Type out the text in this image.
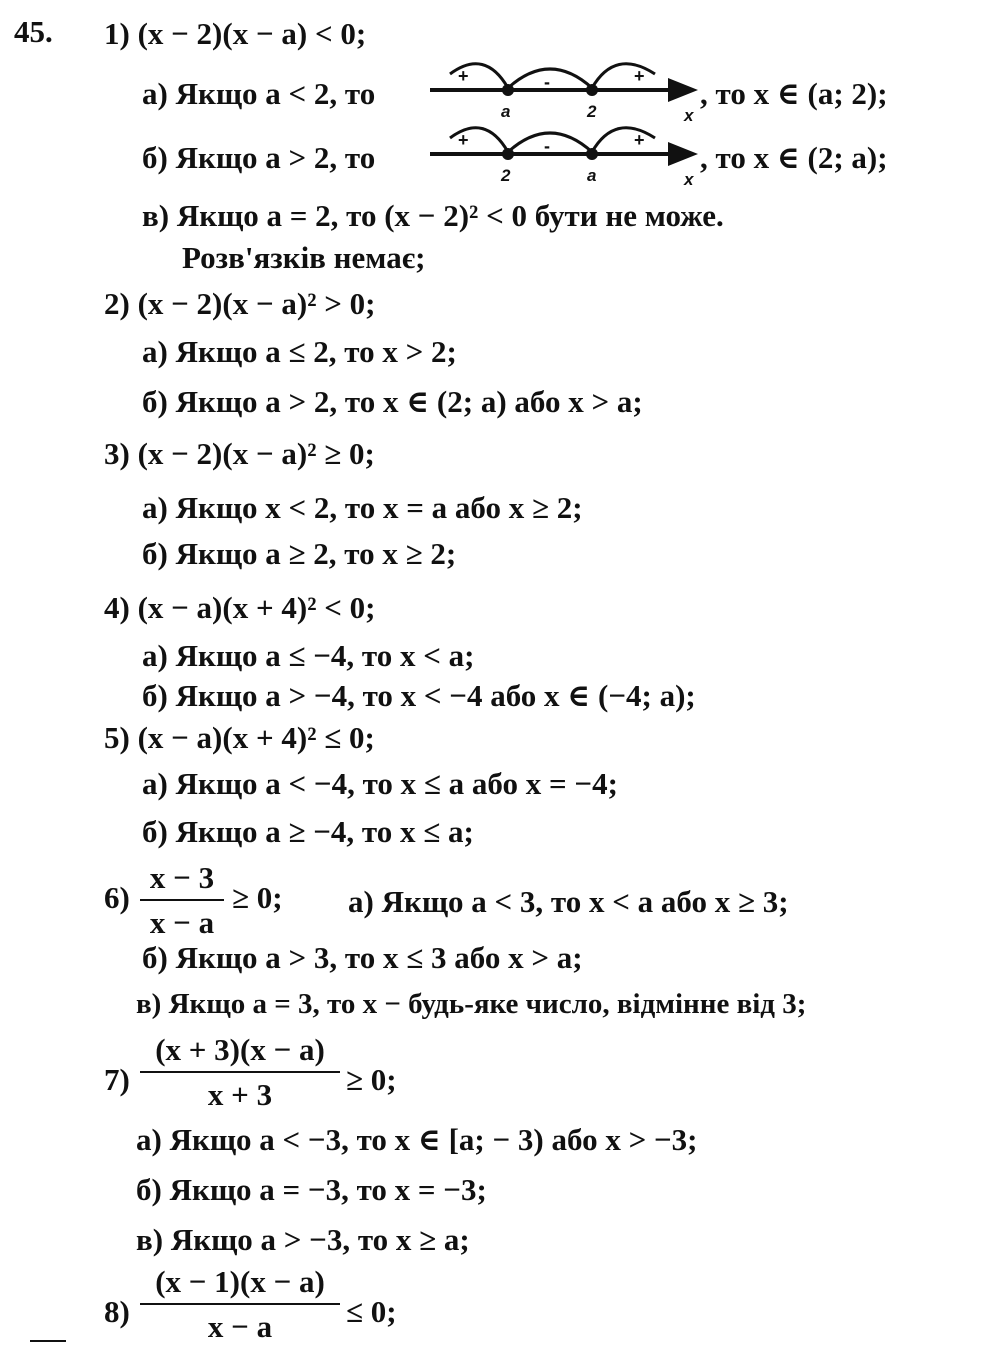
45. 1) (x − 2)(x − a) < 0;
а) Якщо a < 2, то	+	-	+
a	2	x
, то x ∈ (a; 2);
б) Якщо a > 2, то	+	-	+
2	a	x
, то x ∈ (2; a);
в) Якщо a = 2, то (x − 2)² < 0 бути не може.
Розв'язків немає;
2) (x − 2)(x − a)² > 0;
а) Якщо a ≤ 2, то x > 2;
б) Якщо a > 2, то x ∈ (2; a) або x > a;
3) (x − 2)(x − a)² ≥ 0;
а) Якщо x < 2, то x = a або x ≥ 2;
б) Якщо a ≥ 2, то x ≥ 2;
4) (x − a)(x + 4)² < 0;
а) Якщо a ≤ −4, то x < a;
б) Якщо a > −4, то x < −4 або x ∈ (−4; a);
5) (x − a)(x + 4)² ≤ 0;
а) Якщо a < −4, то x ≤ a або x = −4;
б) Якщо a ≥ −4, то x ≤ a;
6)
x − 3
x − a
≥ 0; а) Якщо a < 3, то x < a або x ≥ 3;
б) Якщо a > 3, то x ≤ 3 або x > a;
в) Якщо a = 3, то x − будь-яке число, відмінне від 3;
7)
(x + 3)(x − a)
x + 3	≥ 0;
а) Якщо a < −3, то x ∈ [a; − 3) або x > −3;
б) Якщо a = −3, то x = −3;
в) Якщо a > −3, то x ≥ a;
8)
(x − 1)(x − a)
x − a	≤ 0;
